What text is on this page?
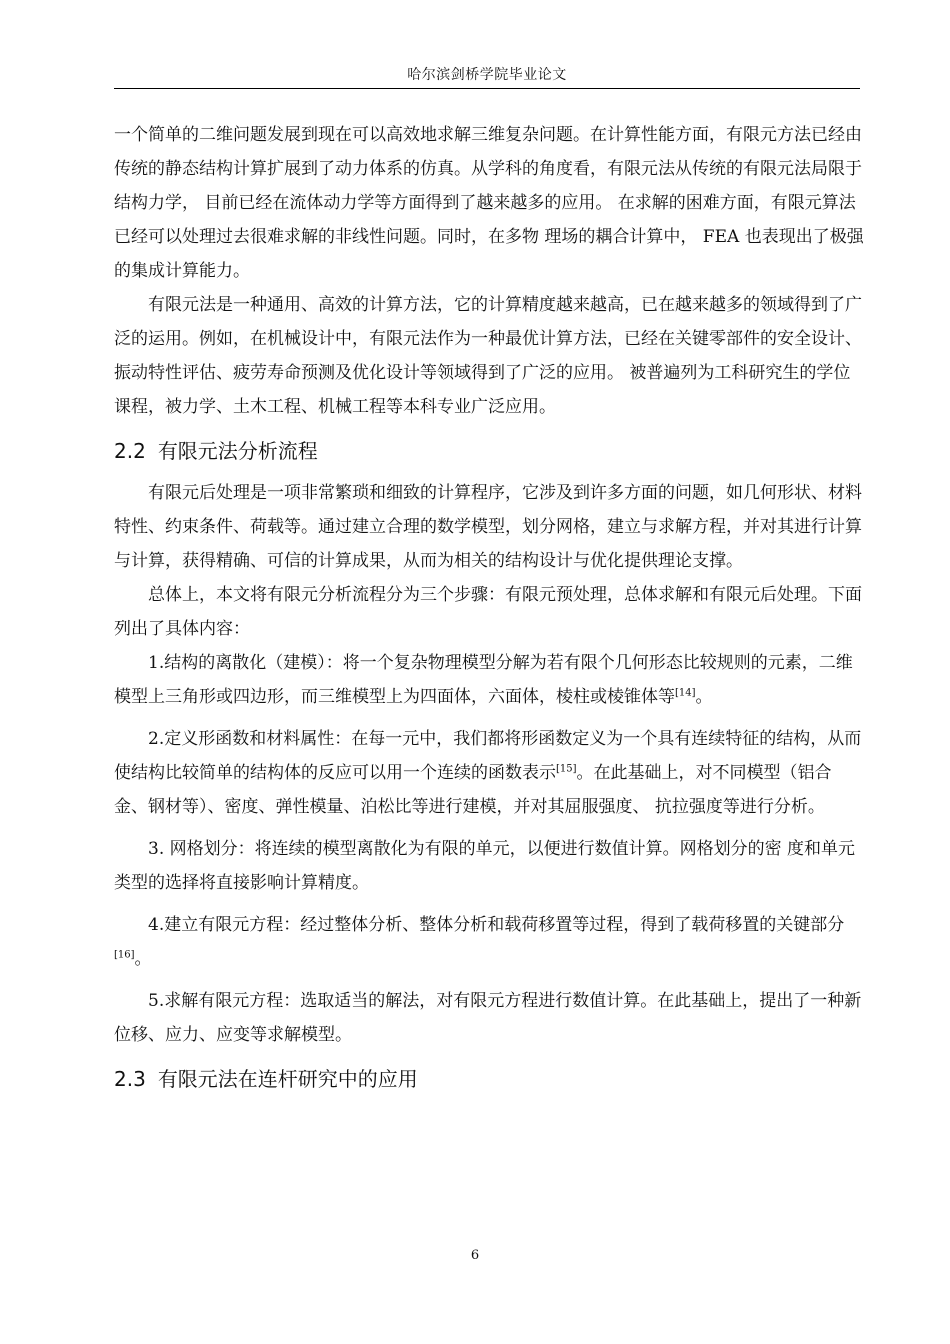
哈尔滨剑桥学院毕业论文

一个简单的二维问题发展到现在可以高效地求解三维复杂问题。在计算性能方面，有限元方法已经由传统的静态结构计算扩展到了动力体系的仿真。从学科的角度看，有限元法从传统的有限元法局限于结构力学， 目前已经在流体动力学等方面得到了越来越多的应用。 在求解的困难方面，有限元算法已经可以处理过去很难求解的非线性问题。同时，在多物 理场的耦合计算中， FEA 也表现出了极强的集成计算能力。

有限元法是一种通用、高效的计算方法，它的计算精度越来越高，已在越来越多的领域得到了广泛的运用。例如，在机械设计中，有限元法作为一种最优计算方法，已经在关键零部件的安全设计、振动特性评估、疲劳寿命预测及优化设计等领域得到了广泛的应用。 被普遍列为工科研究生的学位课程，被力学、土木工程、机械工程等本科专业广泛应用。

2.2 有限元法分析流程

有限元后处理是一项非常繁琐和细致的计算程序，它涉及到许多方面的问题，如几何形状、材料特性、约束条件、荷载等。通过建立合理的数学模型，划分网格，建立与求解方程，并对其进行计算与计算，获得精确、可信的计算成果，从而为相关的结构设计与优化提供理论支撑。

总体上，本文将有限元分析流程分为三个步骤：有限元预处理，总体求解和有限元后处理。下面列出了具体内容：

1.结构的离散化（建模）：将一个复杂物理模型分解为若有限个几何形态比较规则的元素，二维模型上三角形或四边形，而三维模型上为四面体，六面体，棱柱或棱锥体等[14]。

2.定义形函数和材料属性：在每一元中，我们都将形函数定义为一个具有连续特征的结构，从而使结构比较简单的结构体的反应可以用一个连续的函数表示[15]。在此基础上，对不同模型（铝合金、钢材等）、密度、弹性模量、泊松比等进行建模，并对其屈服强度、 抗拉强度等进行分析。

3. 网格划分：将连续的模型离散化为有限的单元，以便进行数值计算。网格划分的密 度和单元类型的选择将直接影响计算精度。

4.建立有限元方程：经过整体分析、整体分析和载荷移置等过程，得到了载荷移置的关键部分[16]。

5.求解有限元方程：选取适当的解法，对有限元方程进行数值计算。在此基础上，提出了一种新位移、应力、应变等求解模型。

2.3 有限元法在连杆研究中的应用
6
